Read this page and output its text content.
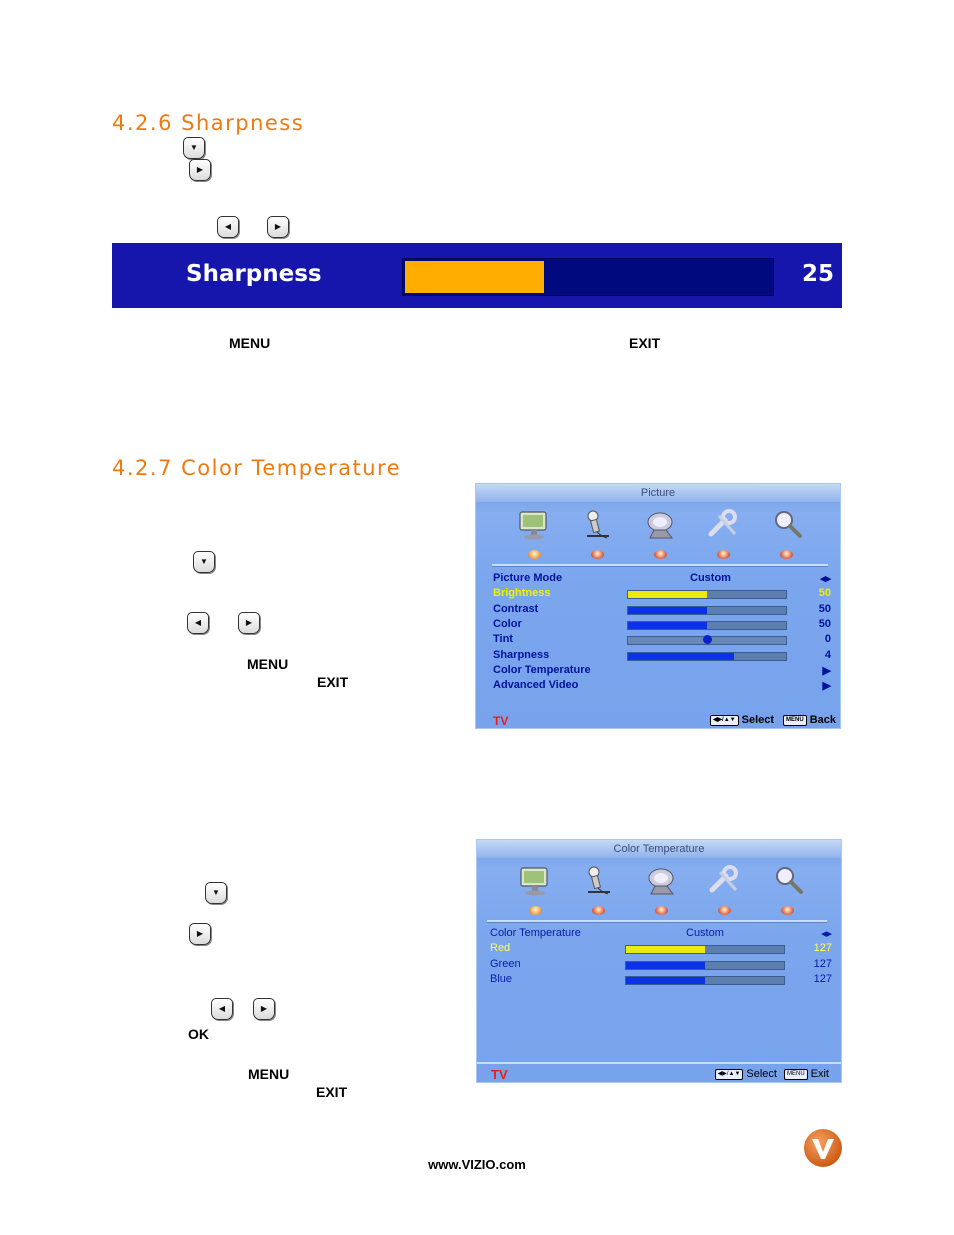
4.2.6 Sharpness
▼
▶
◀	▶
Sharpness	25
MENU	EXIT
4.2.7 Color Temperature
▼
◀	▶
MENU
EXIT
▼
▶
◀	▶
OK
MENU
EXIT
Picture
Picture Mode	Custom	◂▸
Brightness	50
Contrast	50
Color	50
Tint	0
Sharpness	4
Color Temperature	▶
Advanced Video	▶
TV	◀▶/▲▼ Select	MENU Back
Color Temperature
Color Temperature	Custom	◂▸
Red	127
Green	127
Blue	127
TV	◀▶/▲▼ Select	MENU Exit
www.VIZIO.com
